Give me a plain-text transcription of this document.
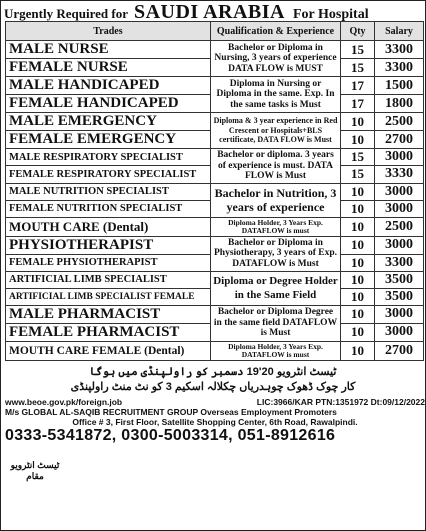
Urgently Required for SAUDI ARABIA For Hospital
Trades	Qualification & Experience	Qty	Salary
MALE NURSE	Bachelor or Diploma in Nursing, 3 years of experience DATA FLOW is MUST	15	3300
FEMALE NURSE		15	3300
MALE HANDICAPED	Diploma in Nursing or Diploma in the same. Exp. In the same tasks is Must	17	1500
FEMALE HANDICAPED		17	1800
MALE EMERGENCY	Diploma & 3 year experience in Red Crescent or Hospitals+BLS certificate, DATA FLOW is Must	10	2500
FEMALE EMERGENCY		10	2700
MALE RESPIRATORY SPECIALIST	Bachelor or diploma. 3 years of experience is must. DATA FLOW is Must	15	3000
FEMALE RESPIRATORY SPECIALIST		15	3330
MALE NUTRITION SPECIALIST	Bachelor in Nutrition, 3 years of experience	10	3000
FEMALE NUTRITION SPECIALIST		10	3000
MOUTH CARE (Dental)	Diploma Holder, 3 Years Exp. DATAFLOW is must	10	2500
PHYSIOTHERAPIST	Bachelor or Diploma in Physiotherapy, 3 years of Exp. DATAFLOW is Must	10	3000
FEMALE PHYSIOTHERAPIST		10	3300
ARTIFICIAL LIMB SPECIALIST	Diploma or Degree Holder in the Same Field	10	3500
ARTIFICIAL LIMB SPECIALIST FEMALE		10	3500
MALE PHARMACIST	Bachelor or Diploma Degree in the same field DATAFLOW is Must	10	3000
FEMALE PHARMACIST		10	3000
MOUTH CARE FEMALE (Dental)	Diploma Holder, 3 Years Exp. DATAFLOW is must	10	2700
ٹیسٹ انٹرویو 20'19 دسمبر کو راولپنڈی میں ہوگا
کار چوک ڈھوک چوہدریاں چکلالہ اسکیم 3 کو نٹ منٹ راولپنڈی
ٹیسٹ انٹرویو مقام
www.beoe.gov.pk/foreign.job	LIC:3966/KAR PTN:1351972 Dt:09/12/2022
M/s GLOBAL AL-SAQIB RECRUITMENT GROUP Overseas Employment Promoters
Office # 3, First Floor, Satellite Shopping Center, 6th Road, Rawalpindi.
0333-5341872, 0300-5003314, 051-8912616
